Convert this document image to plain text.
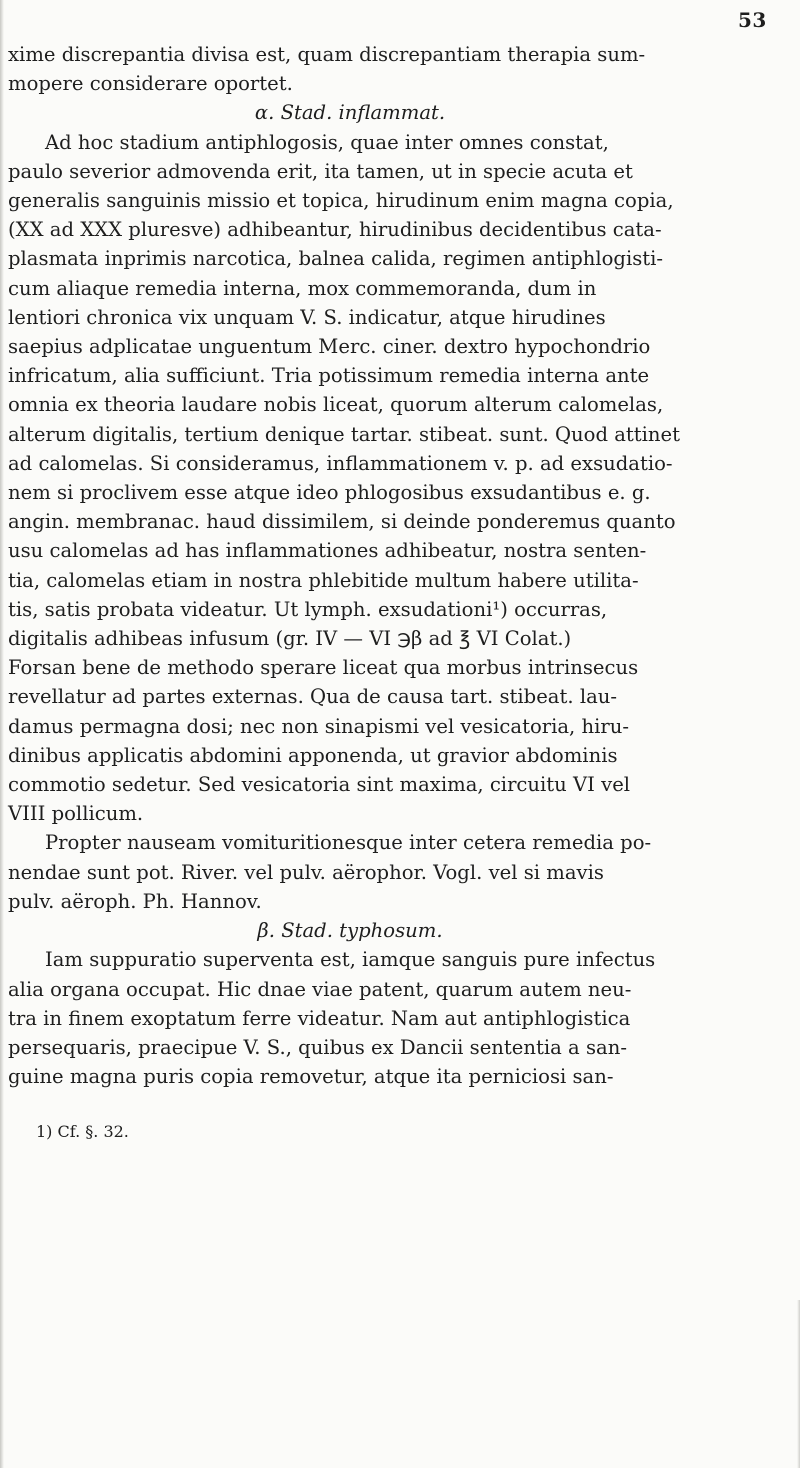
53
xime discrepantia divisa est, quam discrepantiam therapia sum-
mopere considerare oportet.
α. Stad. inflammat.
Ad hoc stadium antiphlogosis, quae inter omnes constat,
paulo severior admovenda erit, ita tamen, ut in specie acuta et
generalis sanguinis missio et topica, hirudinum enim magna copia,
(XX ad XXX pluresve) adhibeantur, hirudinibus decidentibus cata-
plasmata inprimis narcotica, balnea calida, regimen antiphlogisti-
cum aliaque remedia interna, mox commemoranda, dum in
lentiori chronica vix unquam V. S. indicatur, atque hirudines
saepius adplicatae unguentum Merc. ciner. dextro hypochondrio
infricatum, alia sufficiunt. Tria potissimum remedia interna ante
omnia ex theoria laudare nobis liceat, quorum alterum calomelas,
alterum digitalis, tertium denique tartar. stibeat. sunt. Quod attinet
ad calomelas. Si consideramus, inflammationem v. p. ad exsudatio-
nem si proclivem esse atque ideo phlogosibus exsudantibus e. g.
angin. membranac. haud dissimilem, si deinde ponderemus quanto
usu calomelas ad has inflammationes adhibeatur, nostra senten-
tia, calomelas etiam in nostra phlebitide multum habere utilita-
tis, satis probata videatur. Ut lymph. exsudationi¹) occurras,
digitalis adhibeas infusum (gr. IV — VI ℈β ad ℥ VI Colat.)
Forsan bene de methodo sperare liceat qua morbus intrinsecus
revellatur ad partes externas. Qua de causa tart. stibeat. lau-
damus permagna dosi; nec non sinapismi vel vesicatoria, hiru-
dinibus applicatis abdomini apponenda, ut gravior abdominis
commotio sedetur. Sed vesicatoria sint maxima, circuitu VI vel
VIII pollicum.
Propter nauseam vomituritionesque inter cetera remedia po-
nendae sunt pot. River. vel pulv. aërophor. Vogl. vel si mavis
pulv. aëroph. Ph. Hannov.
β. Stad. typhosum.
Iam suppuratio superventa est, iamque sanguis pure infectus
alia organa occupat. Hic dnae viae patent, quarum autem neu-
tra in finem exoptatum ferre videatur. Nam aut antiphlogistica
persequaris, praecipue V. S., quibus ex Dancii sententia a san-
guine magna puris copia removetur, atque ita perniciosi san-
1) Cf. §. 32.
